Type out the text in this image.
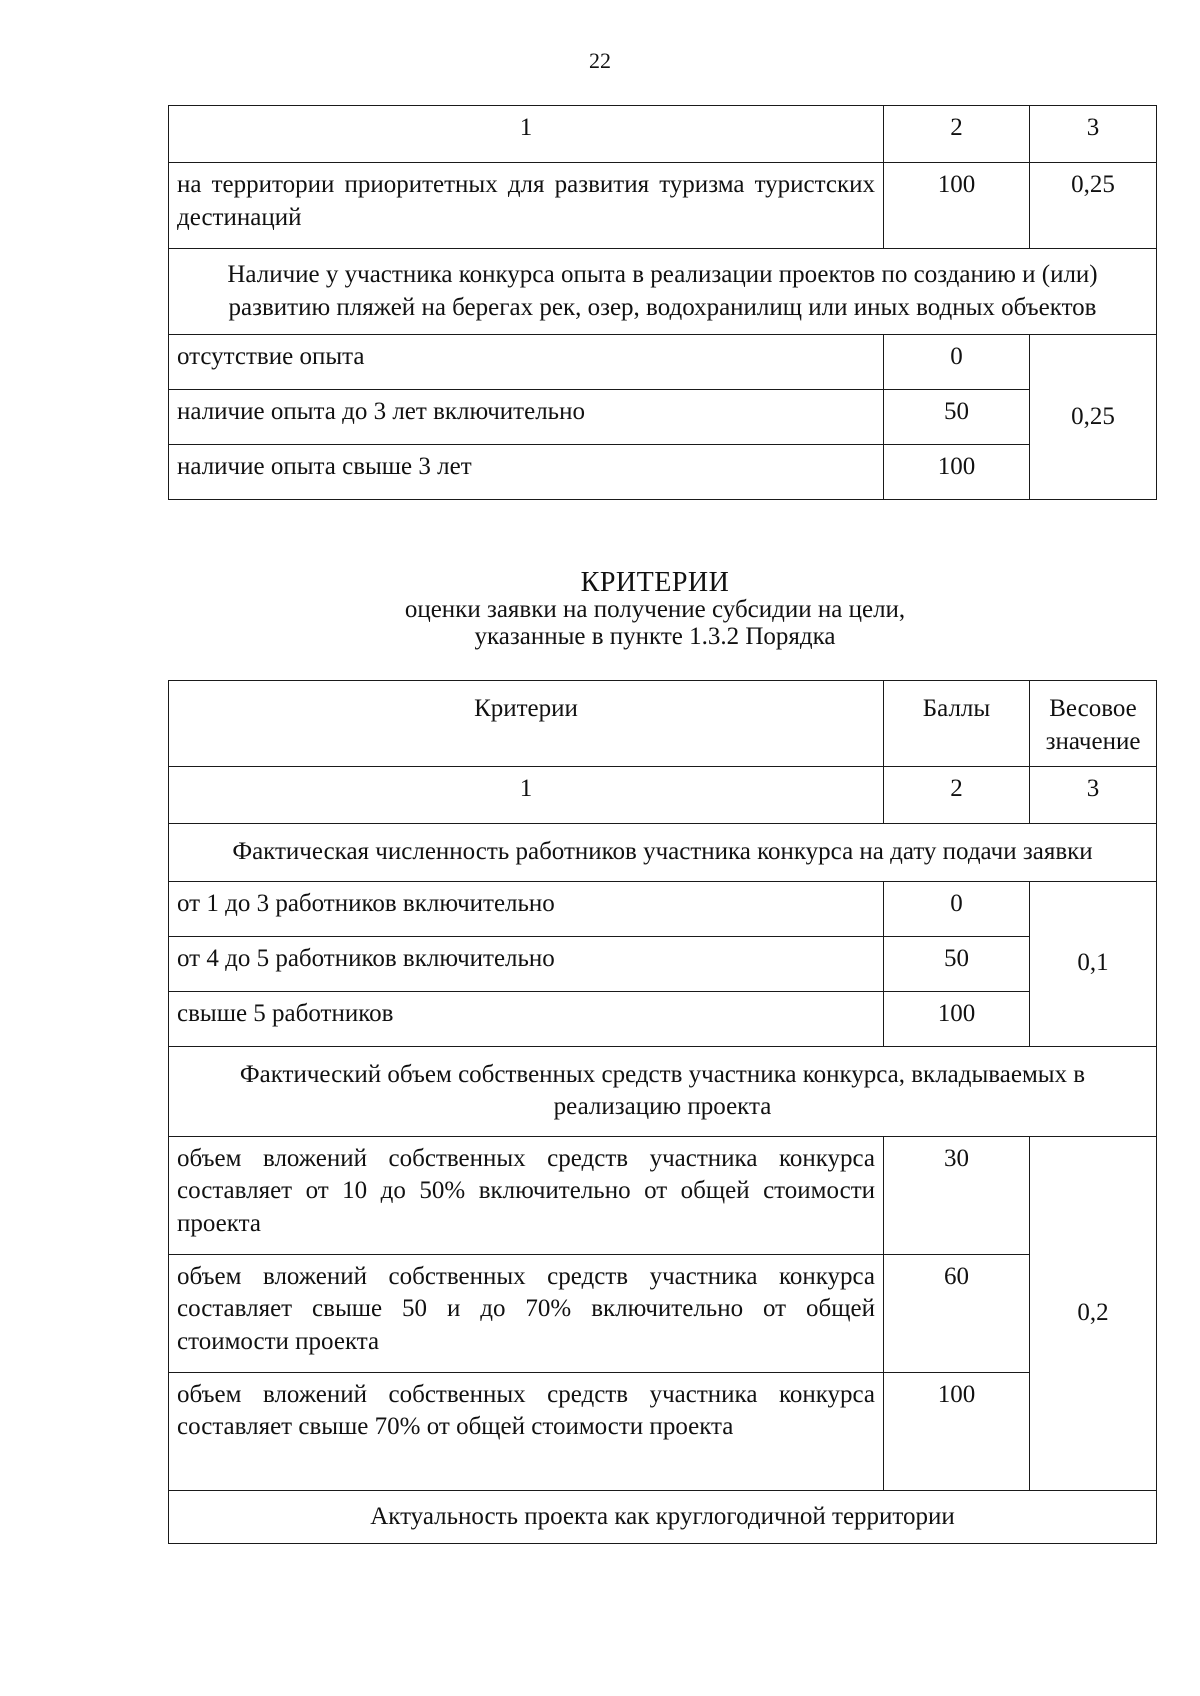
22
1	2	3
на территории приоритетных для развития туризма туристских дестинаций	100	0,25
Наличие у участника конкурса опыта в реализации проектов по созданию и (или) развитию пляжей на берегах рек, озер, водохранилищ или иных водных объектов		
отсутствие опыта	0	0,25
наличие опыта до 3 лет включительно	50	
наличие опыта свыше 3 лет	100	
КРИТЕРИИ
оценки заявки на получение субсидии на цели,
указанные в пункте 1.3.2 Порядка
Критерии	Баллы	Весовое значение
1	2	3
Фактическая численность работников участника конкурса на дату подачи заявки		
от 1 до 3 работников включительно	0	0,1
от 4 до 5 работников включительно	50	
свыше 5 работников	100	
Фактический объем собственных средств участника конкурса, вкладываемых в реализацию проекта		
объем вложений собственных средств участника конкурса составляет от 10 до 50% включительно от общей стоимости проекта	30	0,2
объем вложений собственных средств участника конкурса составляет свыше 50 и до 70% включительно от общей стоимости проекта	60	
объем вложений собственных средств участника конкурса составляет свыше 70% от общей стоимости проекта	100	
Актуальность проекта как круглогодичной территории		
